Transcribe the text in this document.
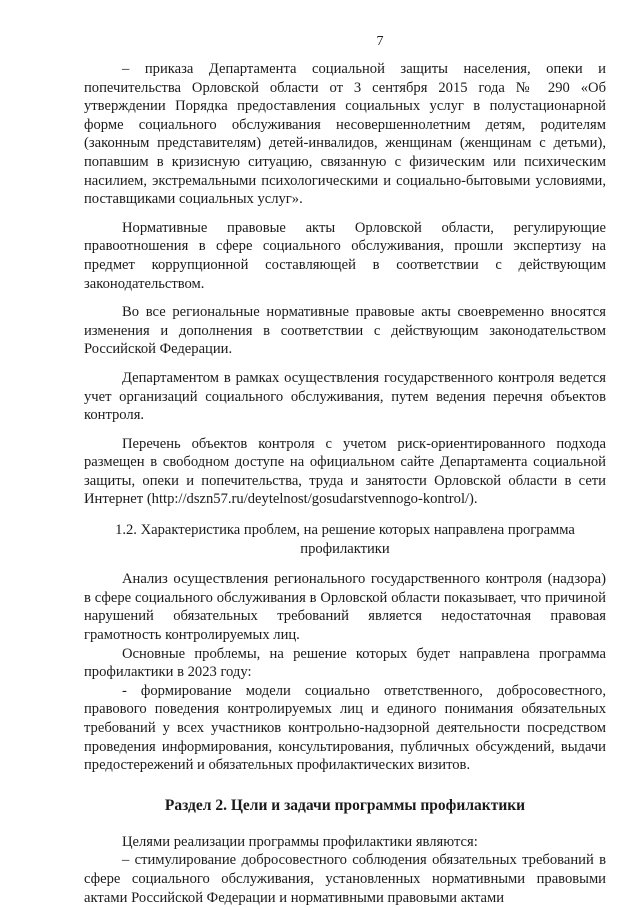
7

– приказа Департамента социальной защиты населения, опеки и попечительства Орловской области от 3 сентября 2015 года № 290 «Об утверждении Порядка предоставления социальных услуг в полустационарной форме социального обслуживания несовершеннолетним детям, родителям (законным представителям) детей-инвалидов, женщинам (женщинам с детьми), попавшим в кризисную ситуацию, связанную с физическим или психическим насилием, экстремальными психологическими и социально-бытовыми условиями, поставщиками социальных услуг».

Нормативные правовые акты Орловской области, регулирующие правоотношения в сфере социального обслуживания, прошли экспертизу на предмет коррупционной составляющей в соответствии с действующим законодательством.

Во все региональные нормативные правовые акты своевременно вносятся изменения и дополнения в соответствии с действующим законодательством Российской Федерации.

Департаментом в рамках осуществления государственного контроля ведется учет организаций социального обслуживания, путем ведения перечня объектов контроля.

Перечень объектов контроля с учетом риск-ориентированного подхода размещен в свободном доступе на официальном сайте Департамента социальной защиты, опеки и попечительства, труда и занятости Орловской области в сети Интернет (http://dszn57.ru/deytelnost/gosudarstvennogo-kontrol/).

1.2. Характеристика проблем, на решение которых направлена программа профилактики

Анализ осуществления регионального государственного контроля (надзора) в сфере социального обслуживания в Орловской области показывает, что причиной нарушений обязательных требований является недостаточная правовая грамотность контролируемых лиц.

Основные проблемы, на решение которых будет направлена программа профилактики в 2023 году:

- формирование модели социально ответственного, добросовестного, правового поведения контролируемых лиц и единого понимания обязательных требований у всех участников контрольно-надзорной деятельности посредством проведения информирования, консультирования, публичных обсуждений, выдачи предостережений и обязательных профилактических визитов.

Раздел 2. Цели и задачи программы профилактики

Целями реализации программы профилактики являются:

– стимулирование добросовестного соблюдения обязательных требований в сфере социального обслуживания, установленных нормативными правовыми актами Российской Федерации и нормативными правовыми актами
